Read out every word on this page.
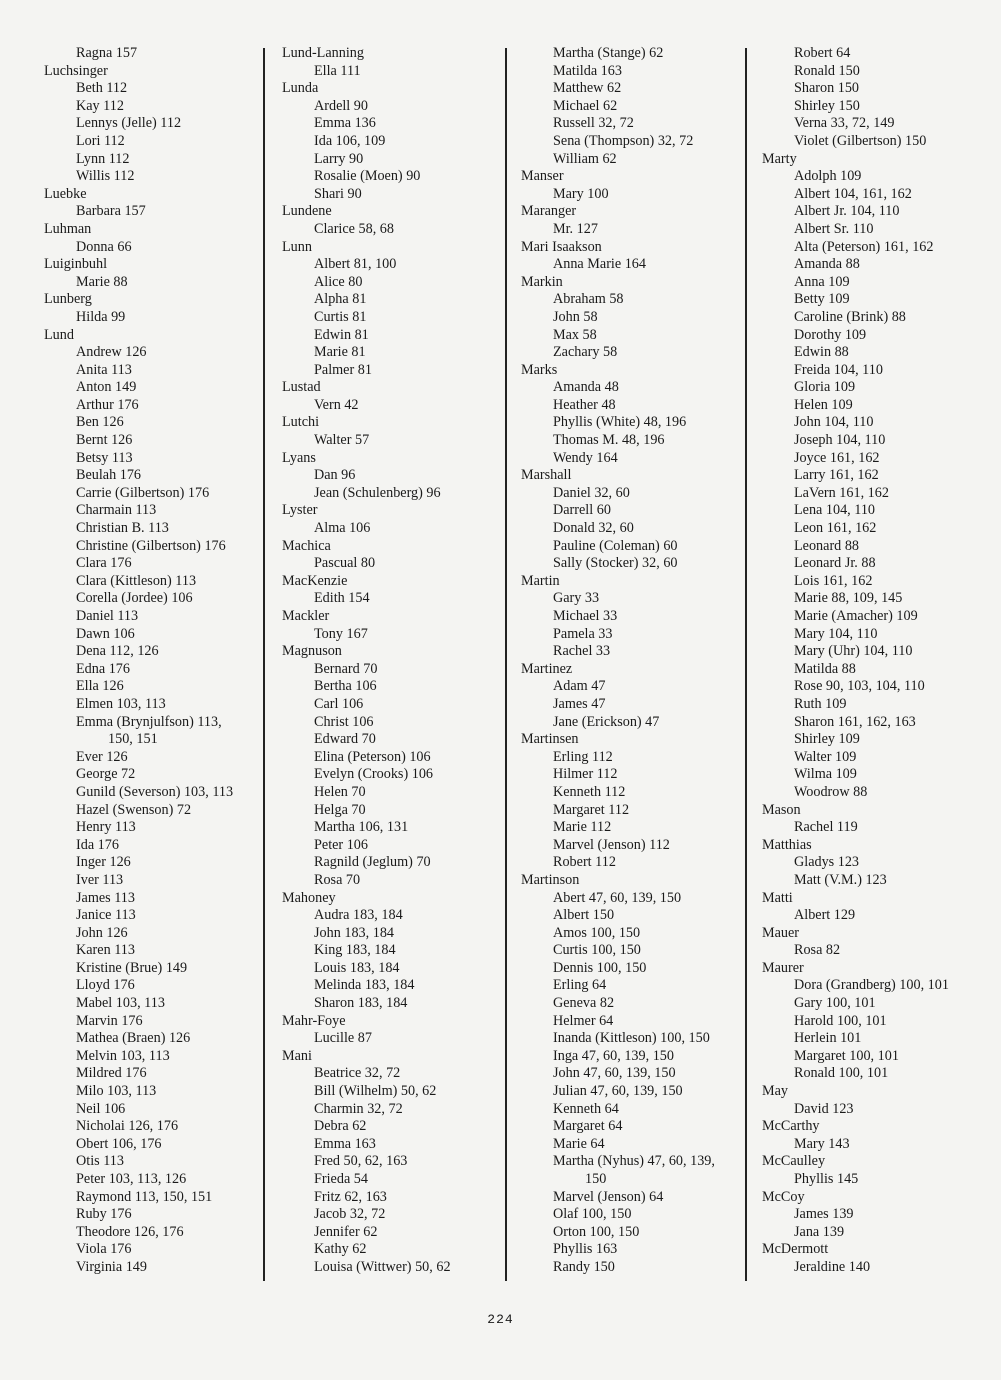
Ragna 157
Luchsinger
Beth 112
Kay 112
Lennys (Jelle) 112
Lori 112
Lynn 112
Willis 112
Luebke
Barbara 157
Luhman
Donna 66
Luiginbuhl
Marie 88
Lunberg
Hilda 99
Lund
Andrew 126
Anita 113
Anton 149
Arthur 176
Ben 126
Bernt 126
Betsy 113
Beulah 176
Carrie (Gilbertson) 176
Charmain 113
Christian B. 113
Christine (Gilbertson) 176
Clara 176
Clara (Kittleson) 113
Corella (Jordee) 106
Daniel 113
Dawn 106
Dena 112, 126
Edna 176
Ella 126
Elmen 103, 113
Emma (Brynjulfson) 113,
150, 151
Ever 126
George 72
Gunild (Severson) 103, 113
Hazel (Swenson) 72
Henry 113
Ida 176
Inger 126
Iver 113
James 113
Janice 113
John 126
Karen 113
Kristine (Brue) 149
Lloyd 176
Mabel 103, 113
Marvin 176
Mathea (Braen) 126
Melvin 103, 113
Mildred 176
Milo 103, 113
Neil 106
Nicholai 126, 176
Obert 106, 176
Otis 113
Peter 103, 113, 126
Raymond 113, 150, 151
Ruby 176
Theodore 126, 176
Viola 176
Virginia 149
Lund-Lanning
Ella 111
Lunda
Ardell 90
Emma 136
Ida 106, 109
Larry 90
Rosalie (Moen) 90
Shari 90
Lundene
Clarice 58, 68
Lunn
Albert 81, 100
Alice 80
Alpha 81
Curtis 81
Edwin 81
Marie 81
Palmer 81
Lustad
Vern 42
Lutchi
Walter 57
Lyans
Dan 96
Jean (Schulenberg) 96
Lyster
Alma 106
Machica
Pascual 80
MacKenzie
Edith 154
Mackler
Tony 167
Magnuson
Bernard 70
Bertha 106
Carl 106
Christ 106
Edward 70
Elina (Peterson) 106
Evelyn (Crooks) 106
Helen 70
Helga 70
Martha 106, 131
Peter 106
Ragnild (Jeglum) 70
Rosa 70
Mahoney
Audra 183, 184
John 183, 184
King 183, 184
Louis 183, 184
Melinda 183, 184
Sharon 183, 184
Mahr-Foye
Lucille 87
Mani
Beatrice 32, 72
Bill (Wilhelm) 50, 62
Charmin 32, 72
Debra 62
Emma 163
Fred 50, 62, 163
Frieda 54
Fritz 62, 163
Jacob 32, 72
Jennifer 62
Kathy 62
Louisa (Wittwer) 50, 62
Martha (Stange) 62
Matilda 163
Matthew 62
Michael 62
Russell 32, 72
Sena (Thompson) 32, 72
William 62
Manser
Mary 100
Maranger
Mr. 127
Mari Isaakson
Anna Marie 164
Markin
Abraham 58
John 58
Max 58
Zachary 58
Marks
Amanda 48
Heather 48
Phyllis (White) 48, 196
Thomas M. 48, 196
Wendy 164
Marshall
Daniel 32, 60
Darrell 60
Donald 32, 60
Pauline (Coleman) 60
Sally (Stocker) 32, 60
Martin
Gary 33
Michael 33
Pamela 33
Rachel 33
Martinez
Adam 47
James 47
Jane (Erickson) 47
Martinsen
Erling 112
Hilmer 112
Kenneth 112
Margaret 112
Marie 112
Marvel (Jenson) 112
Robert 112
Martinson
Abert 47, 60, 139, 150
Albert 150
Amos 100, 150
Curtis 100, 150
Dennis 100, 150
Erling 64
Geneva 82
Helmer 64
Inanda (Kittleson) 100, 150
Inga 47, 60, 139, 150
John 47, 60, 139, 150
Julian 47, 60, 139, 150
Kenneth 64
Margaret 64
Marie 64
Martha (Nyhus) 47, 60, 139,
150
Marvel (Jenson) 64
Olaf 100, 150
Orton 100, 150
Phyllis 163
Randy 150
Robert 64
Ronald 150
Sharon 150
Shirley 150
Verna 33, 72, 149
Violet (Gilbertson) 150
Marty
Adolph 109
Albert 104, 161, 162
Albert Jr. 104, 110
Albert Sr. 110
Alta (Peterson) 161, 162
Amanda 88
Anna 109
Betty 109
Caroline (Brink) 88
Dorothy 109
Edwin 88
Freida 104, 110
Gloria 109
Helen 109
John 104, 110
Joseph 104, 110
Joyce 161, 162
Larry 161, 162
LaVern 161, 162
Lena 104, 110
Leon 161, 162
Leonard 88
Leonard Jr. 88
Lois 161, 162
Marie 88, 109, 145
Marie (Amacher) 109
Mary 104, 110
Mary (Uhr) 104, 110
Matilda 88
Rose 90, 103, 104, 110
Ruth 109
Sharon 161, 162, 163
Shirley 109
Walter 109
Wilma 109
Woodrow 88
Mason
Rachel 119
Matthias
Gladys 123
Matt (V.M.) 123
Matti
Albert 129
Mauer
Rosa 82
Maurer
Dora (Grandberg) 100, 101
Gary 100, 101
Harold 100, 101
Herlein 101
Margaret 100, 101
Ronald 100, 101
May
David 123
McCarthy
Mary 143
McCaulley
Phyllis 145
McCoy
James 139
Jana 139
McDermott
Jeraldine 140
224
